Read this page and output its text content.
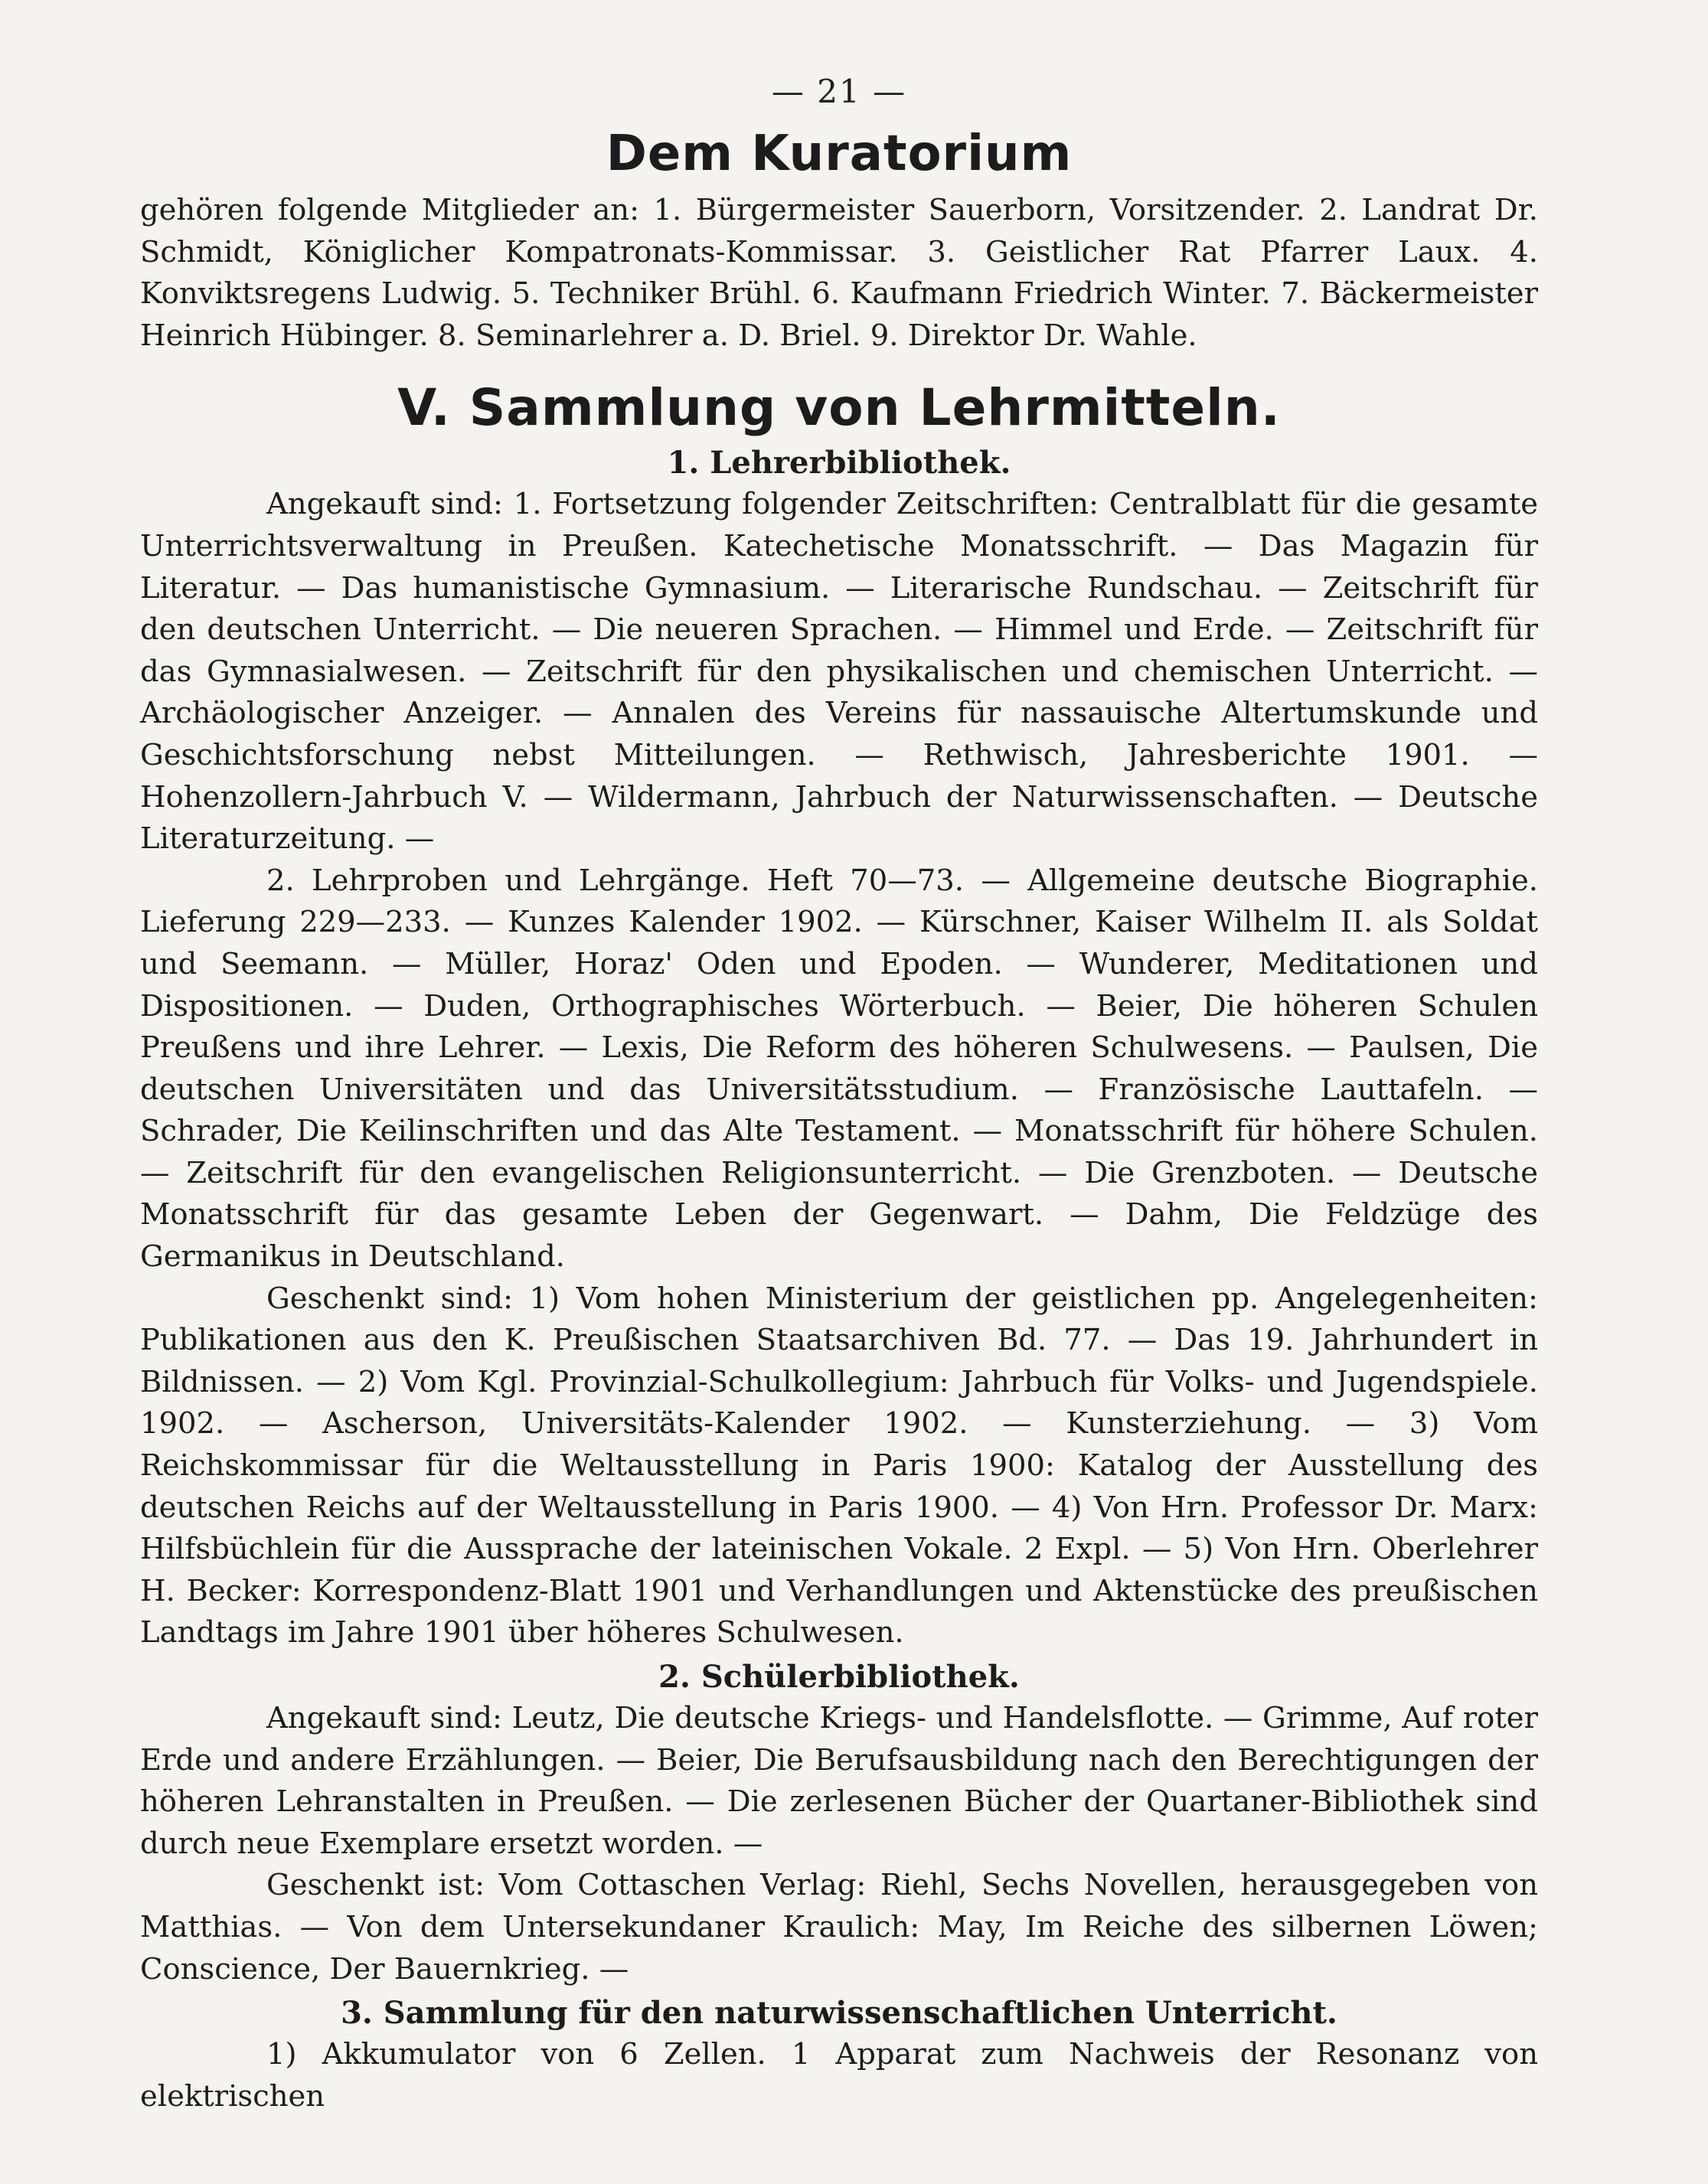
— 21 —
Dem Kuratorium

gehören folgende Mitglieder an: 1. Bürgermeister Sauerborn, Vorsitzender. 2. Landrat Dr. Schmidt, Königlicher Kompatronats-Kommissar. 3. Geistlicher Rat Pfarrer Laux. 4. Konviktsregens Ludwig. 5. Techniker Brühl. 6. Kaufmann Friedrich Winter. 7. Bäckermeister Heinrich Hübinger. 8. Seminarlehrer a. D. Briel. 9. Direktor Dr. Wahle.

V. Sammlung von Lehrmitteln.
1. Lehrerbibliothek.

Angekauft sind: 1. Fortsetzung folgender Zeitschriften: Centralblatt für die gesamte Unterrichtsverwaltung in Preußen. Katechetische Monatsschrift. — Das Magazin für Literatur. — Das humanistische Gymnasium. — Literarische Rundschau. — Zeitschrift für den deutschen Unterricht. — Die neueren Sprachen. — Himmel und Erde. — Zeitschrift für das Gymnasialwesen. — Zeitschrift für den physikalischen und chemischen Unterricht. — Archäologischer Anzeiger. — Annalen des Vereins für nassauische Altertumskunde und Geschichtsforschung nebst Mitteilungen. — Rethwisch, Jahresberichte 1901. — Hohenzollern-Jahrbuch V. — Wildermann, Jahrbuch der Naturwissenschaften. — Deutsche Literaturzeitung. —

2. Lehrproben und Lehrgänge. Heft 70—73. — Allgemeine deutsche Biographie. Lieferung 229—233. — Kunzes Kalender 1902. — Kürschner, Kaiser Wilhelm II. als Soldat und Seemann. — Müller, Horaz' Oden und Epoden. — Wunderer, Meditationen und Dispositionen. — Duden, Orthographisches Wörterbuch. — Beier, Die höheren Schulen Preußens und ihre Lehrer. — Lexis, Die Reform des höheren Schulwesens. — Paulsen, Die deutschen Universitäten und das Universitätsstudium. — Französische Lauttafeln. — Schrader, Die Keilinschriften und das Alte Testament. — Monatsschrift für höhere Schulen. — Zeitschrift für den evangelischen Religionsunterricht. — Die Grenzboten. — Deutsche Monatsschrift für das gesamte Leben der Gegenwart. — Dahm, Die Feldzüge des Germanikus in Deutschland.

Geschenkt sind: 1) Vom hohen Ministerium der geistlichen pp. Angelegenheiten: Publikationen aus den K. Preußischen Staatsarchiven Bd. 77. — Das 19. Jahrhundert in Bildnissen. — 2) Vom Kgl. Provinzial-Schulkollegium: Jahrbuch für Volks- und Jugendspiele. 1902. — Ascherson, Universitäts-Kalender 1902. — Kunsterziehung. — 3) Vom Reichskommissar für die Weltausstellung in Paris 1900: Katalog der Ausstellung des deutschen Reichs auf der Weltausstellung in Paris 1900. — 4) Von Hrn. Professor Dr. Marx: Hilfsbüchlein für die Aussprache der lateinischen Vokale. 2 Expl. — 5) Von Hrn. Oberlehrer H. Becker: Korrespondenz-Blatt 1901 und Verhandlungen und Aktenstücke des preußischen Landtags im Jahre 1901 über höheres Schulwesen.

2. Schülerbibliothek.

Angekauft sind: Leutz, Die deutsche Kriegs- und Handelsflotte. — Grimme, Auf roter Erde und andere Erzählungen. — Beier, Die Berufsausbildung nach den Berechtigungen der höheren Lehranstalten in Preußen. — Die zerlesenen Bücher der Quartaner-Bibliothek sind durch neue Exemplare ersetzt worden. —

Geschenkt ist: Vom Cottaschen Verlag: Riehl, Sechs Novellen, herausgegeben von Matthias. — Von dem Untersekundaner Kraulich: May, Im Reiche des silbernen Löwen; Conscience, Der Bauernkrieg. —

3. Sammlung für den naturwissenschaftlichen Unterricht.

1) Akkumulator von 6 Zellen. 1 Apparat zum Nachweis der Resonanz von elektrischen
